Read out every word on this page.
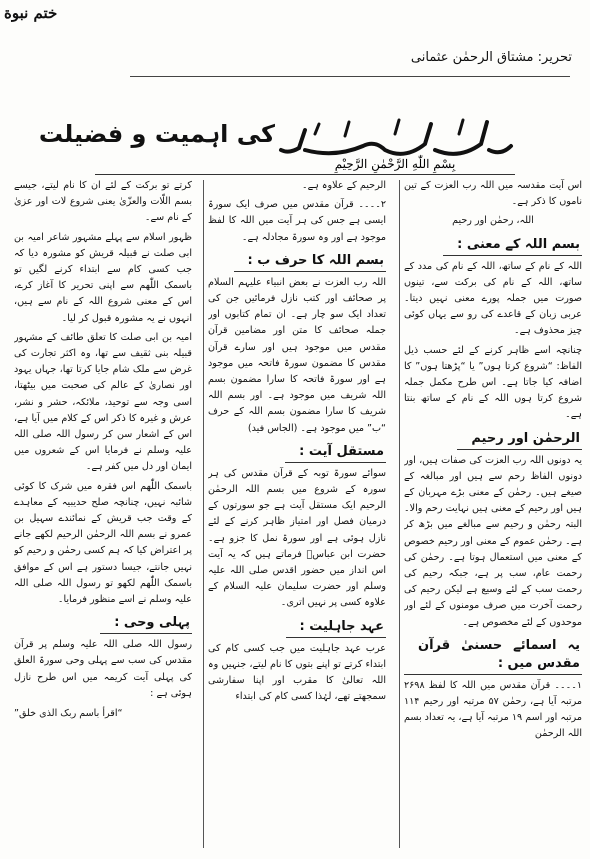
ختم نبوة
تحریر: مشتاق الرحمٰن عثمانی
بِسْمِ اللّٰهِ الرَّحْمٰنِ الرَّحِيْمِ
کی اہمیت و فضیلت

اس آیت مقدسہ میں اللہ رب العزت کے تین ناموں کا ذکر ہے۔

اللہ، رحمٰن اور رحیم

بسم اللہ کے معنی :

اللہ کے نام کے ساتھ، اللہ کے نام کی مدد کے ساتھ، اللہ کے نام کی برکت سے، تینوں صورت میں جملہ پورے معنی نہیں دیتا۔ عربی زبان کے قاعدے کی رو سے یہاں کوئی چیز محذوف ہے۔

چنانچہ اسے ظاہر کرنے کے لئے حسب ذیل الفاظ: “شروع کرتا ہوں” یا “پڑھتا ہوں” کا اضافہ کیا جاتا ہے۔ اس طرح مکمل جملہ شروع کرتا ہوں اللہ کے نام کے ساتھ بنتا ہے۔

الرحمٰن اور رحیم

یہ دونوں اللہ رب العزت کی صفات ہیں، اور دونوں الفاظ رحم سے ہیں اور مبالغہ کے صیغے ہیں۔ رحمٰن کے معنی بڑے مہربان کے ہیں اور رحیم کے معنی ہیں نہایت رحم والا۔ البتہ رحمٰن و رحیم سے مبالغے میں بڑھ کر ہے۔ رحمٰن عموم کے معنی اور رحیم خصوص کے معنی میں استعمال ہوتا ہے۔ رحمٰن کی رحمت عام، سب پر ہے، جبکہ رحیم کی رحمت سب کے لئے وسیع ہے لیکن رحیم کی رحمت آخرت میں صرف مومنوں کے لئے اور موحدوں کے لئے مخصوص ہے۔

یہ اسمائے حسنیٰ قرآن مقدس میں :

۱۔۔۔۔ قرآن مقدس میں اللہ کا لفظ ۲۶۹۸ مرتبہ آیا ہے، رحمٰن ۵۷ مرتبہ اور رحیم ۱۱۴ مرتبہ اور اسم ۱۹ مرتبہ آیا ہے، یہ تعداد بسم اللہ الرحمٰن

الرحیم کے علاوہ ہے۔

۲۔۔۔۔ قرآن مقدس میں صرف ایک سورۃ ایسی ہے جس کی ہر آیت میں اللہ کا لفظ موجود ہے اور وہ سورۃ مجادلہ ہے۔

بسم اللہ کا حرف ب :

اللہ رب العزت نے بعض انبیاء علیہم السلام پر صحائف اور کتب نازل فرمائیں جن کی تعداد ایک سو چار ہے۔ ان تمام کتابوں اور جملہ صحائف کا متن اور مضامین قرآن مقدس میں موجود ہیں اور سارے قرآن مقدس کا مضمون سورۃ فاتحہ میں موجود ہے اور سورۃ فاتحہ کا سارا مضمون بسم اللہ شریف میں موجود ہے۔ اور بسم اللہ شریف کا سارا مضمون بسم اللہ کے حرف “ب” میں موجود ہے۔ (الجاس فید)

مستقل آیت :

سوائے سورۃ توبہ کے قرآن مقدس کی ہر سورہ کے شروع میں بسم اللہ الرحمٰن الرحیم ایک مستقل آیت ہے جو سورتوں کے درمیان فصل اور امتیاز ظاہر کرنے کے لئے نازل ہوئی ہے اور سورۃ نمل کا جزو ہے۔ حضرت ابن عباسؓ فرماتے ہیں کہ یہ آیت اس انداز میں حضور اقدس صلی اللہ علیہ وسلم اور حضرت سلیمان علیہ السلام کے علاوہ کسی پر نہیں اتری۔

عہد جاہلیت :

عرب عہد جاہلیت میں جب کسی کام کی ابتداء کرتے تو اپنے بتوں کا نام لیتے، جنہیں وہ اللہ تعالیٰ کا مقرب اور اپنا سفارشی سمجھتے تھے، لہٰذا کسی کام کی ابتداء

کرتے تو برکت کے لئے ان کا نام لیتے، جیسے بسم اللّات والعزّیٰ یعنی شروع لات اور عزیٰ کے نام سے۔

ظہور اسلام سے پہلے مشہور شاعر امیہ بن ابی صلت نے قبیلہ قریش کو مشورہ دیا کہ جب کسی کام سے ابتداء کرنے لگیں تو باسمک اللّٰھم سے اپنی تحریر کا آغاز کرے، اس کے معنی شروع اللہ کے نام سے ہیں، انہوں نے یہ مشورہ قبول کر لیا۔

امیہ بن ابی صلت کا تعلق طائف کے مشہور قبیلہ بنی ثقیف سے تھا، وہ اکثر تجارت کی غرض سے ملک شام جایا کرتا تھا، جہاں یہود اور نصاریٰ کے عالم کی صحبت میں بیٹھتا، اسی وجہ سے توحید، ملائکہ، حشر و نشر، عرش و غیرہ کا ذکر اس کے کلام میں آیا ہے، اس کے اشعار سن کر رسول اللہ صلی اللہ علیہ وسلم نے فرمایا اس کے شعروں میں ایمان اور دل میں کفر ہے۔

باسمک اللّٰھم اس فقرہ میں شرک کا کوئی شائبہ نہیں، چنانچہ صلح حدیبیہ کے معاہدے کے وقت جب قریش کے نمائندے سہیل بن عمرو نے بسم اللہ الرحمٰن الرحیم لکھے جانے پر اعتراض کیا کہ ہم کسی رحمٰن و رحیم کو نہیں جانتے، جیسا دستور ہے اس کے موافق باسمک اللّٰھم لکھو تو رسول اللہ صلی اللہ علیہ وسلم نے اسے منظور فرمایا۔

پہلی وحی :

رسول اللہ صلی اللہ علیہ وسلم پر قرآن مقدس کی سب سے پہلی وحی سورۃ العلق کی پہلی آیت کریمہ میں اس طرح نازل ہوئی ہے :

“اقرأ باسم ربک الذی خلق”
